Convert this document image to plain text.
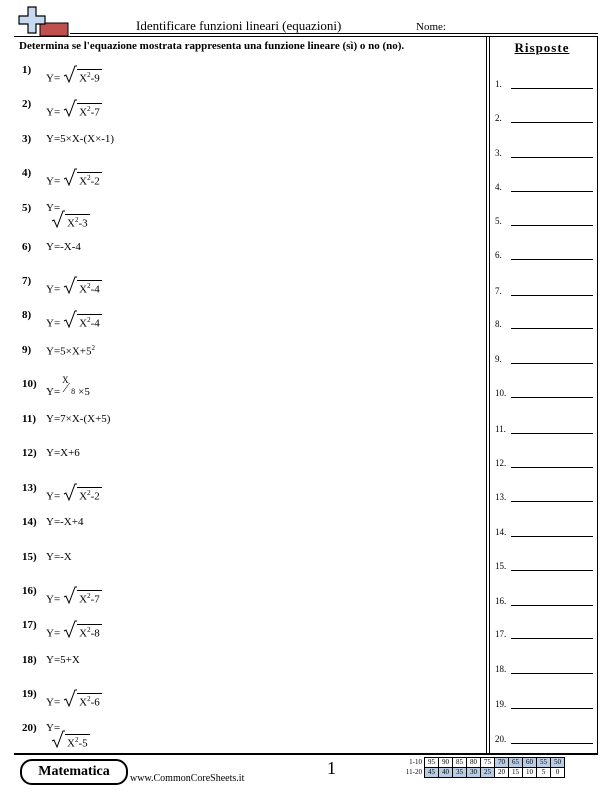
Identificare funzioni lineari (equazioni)	Nome:
Determina se l'equazione mostrata rappresenta una funzione lineare (sì) o no (no).	Risposte
1)
$Y= X^2-9$
2)
$Y= X^2-7$
3) Y=5×X-(X×-1)
4)
$Y= X^2-2$
5) Y=
$X^2-3$
6) Y=-X-4
7)
$Y= X^2-4$
8)
$Y= X^2-4$
9) $Y=5\times X+5^2$
10)
Y=
X
⁄ 8 ×5
11) Y=7×X-(X+5)
12) Y=X+6
13)
$Y= X^2-2$
14) Y=-X+4
15) Y=-X
16)
$Y= X^2-7$
17)
$Y= X^2-8$
18) Y=5+X
19)
$Y= X^2-6$
20) Y=
$X^2-5$
1.
2.
3.
4.
5.
6.
7.
8.
9.
10.
11.
12.
13.
14.
15.
16.
17.
18.
19.
20.
Matematica	www.CommonCoreSheets.it
1	1-10	95	90	85	80	75	70	65	60	55	50
11-20	45	40	35	30	25	20	15	10	5	0
